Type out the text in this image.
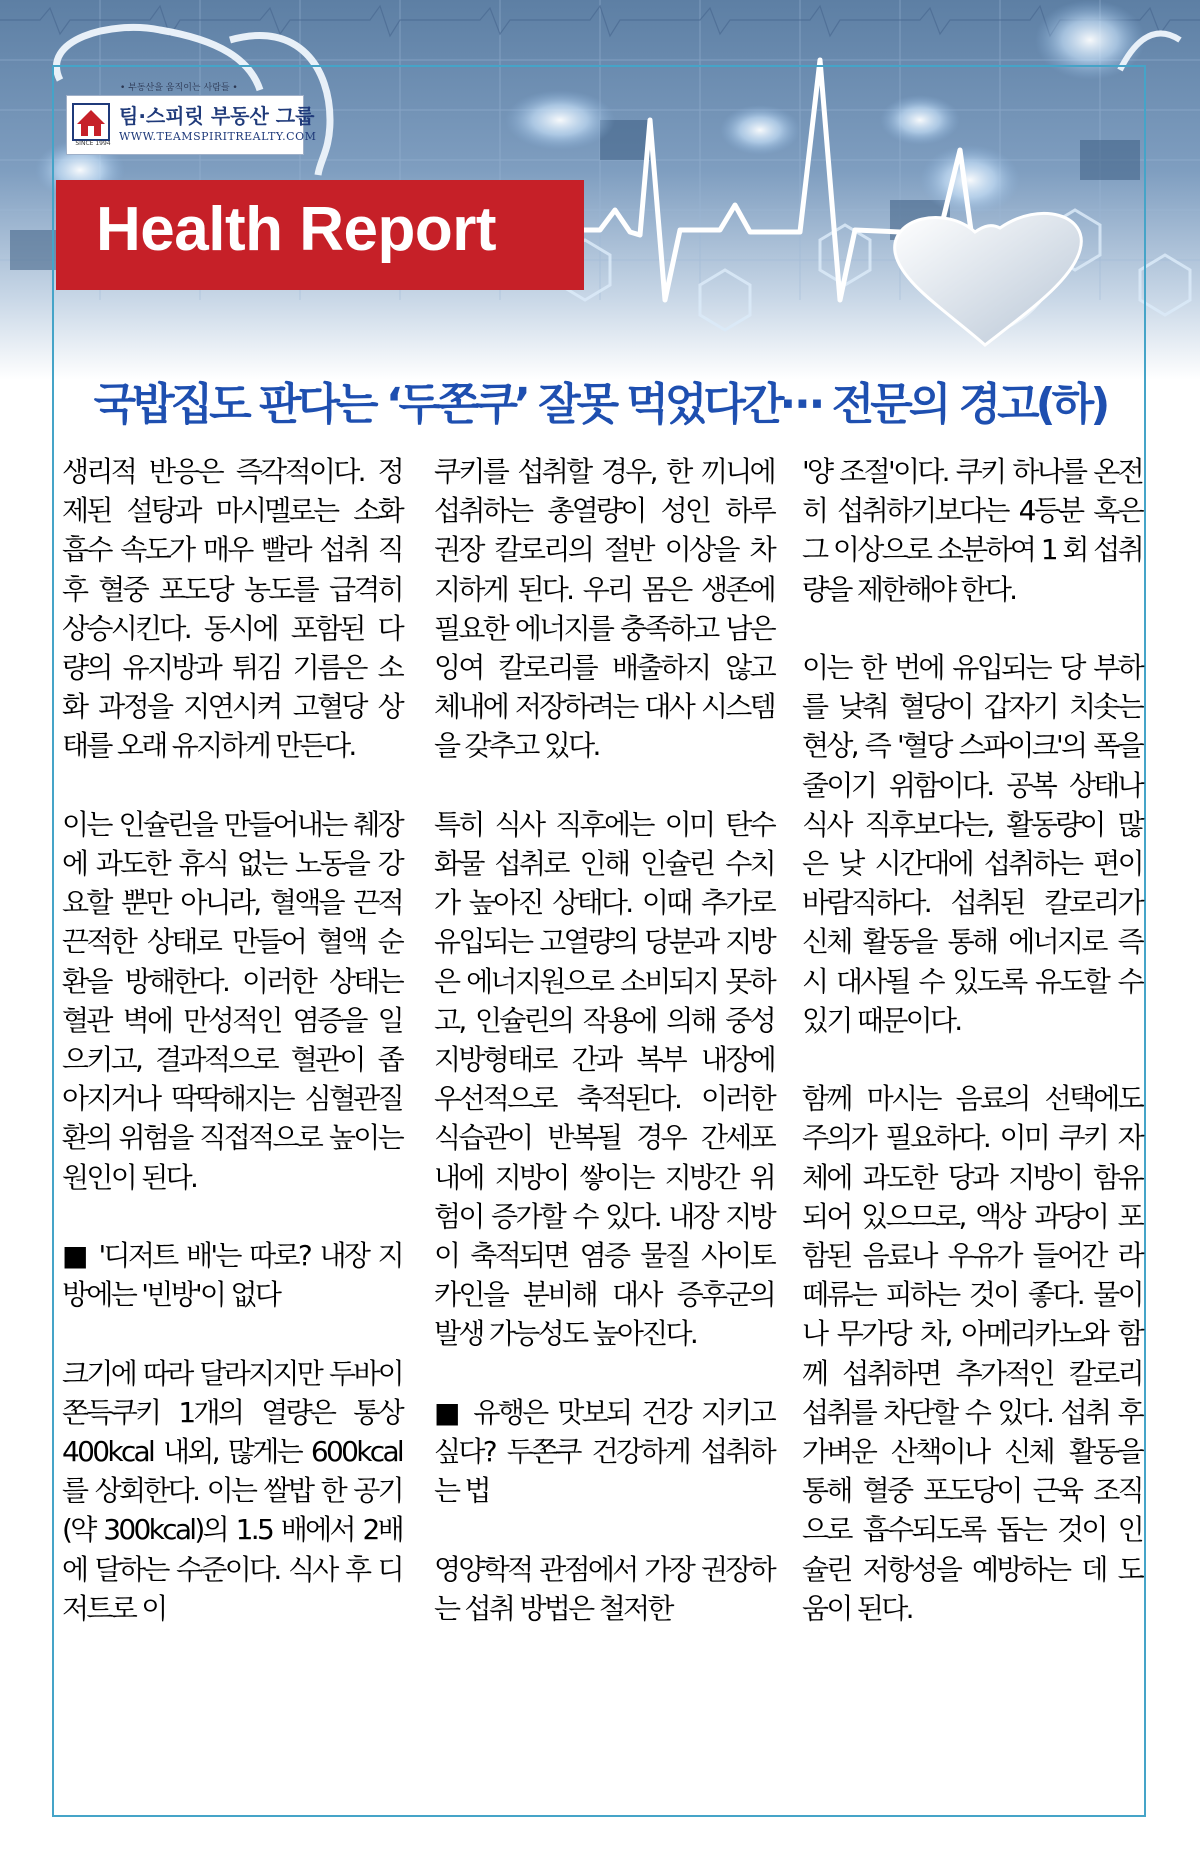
• 부동산을 움직이는 사람들 •
SINCE 1994
팀·스피릿 부동산 그룹
WWW.TEAMSPIRITREALTY.COM
Health Report
국밥집도 판다는 ‘두쫀쿠’ 잘못 먹었다간⋯ 전문의 경고(하)

생리적 반응은 즉각적이다. 정제된 설탕과 마시멜로는 소화 흡수 속도가 매우 빨라 섭취 직후 혈중 포도당 농도를 급격히 상승시킨다. 동시에 포함된 다량의 유지방과 튀김 기름은 소화 과정을 지연시켜 고혈당 상태를 오래 유지하게 만든다.

이는 인슐린을 만들어내는 췌장에 과도한 휴식 없는 노동을 강요할 뿐만 아니라, 혈액을 끈적끈적한 상태로 만들어 혈액 순환을 방해한다. 이러한 상태는 혈관 벽에 만성적인 염증을 일으키고, 결과적으로 혈관이 좁아지거나 딱딱해지는 심혈관질환의 위험을 직접적으로 높이는 원인이 된다.

■ '디저트 배'는 따로? 내장 지방에는 '빈방'이 없다

크기에 따라 달라지지만 두바이 쫀득쿠키 1개의 열량은 통상 400kcal 내외, 많게는 600kcal를 상회한다. 이는 쌀밥 한 공기(약 300kcal)의 1.5 배에서 2배에 달하는 수준이다. 식사 후 디저트로 이

쿠키를 섭취할 경우, 한 끼니에 섭취하는 총열량이 성인 하루 권장 칼로리의 절반 이상을 차지하게 된다. 우리 몸은 생존에 필요한 에너지를 충족하고 남은 잉여 칼로리를 배출하지 않고 체내에 저장하려는 대사 시스템을 갖추고 있다.

특히 식사 직후에는 이미 탄수화물 섭취로 인해 인슐린 수치가 높아진 상태다. 이때 추가로 유입되는 고열량의 당분과 지방은 에너지원으로 소비되지 못하고, 인슐린의 작용에 의해 중성지방형태로 간과 복부 내장에 우선적으로 축적된다. 이러한 식습관이 반복될 경우 간세포 내에 지방이 쌓이는 지방간 위험이 증가할 수 있다. 내장 지방이 축적되면 염증 물질 사이토카인을 분비해 대사 증후군의 발생 가능성도 높아진다.

■ 유행은 맛보되 건강 지키고 싶다? 두쫀쿠 건강하게 섭취하는 법

영양학적 관점에서 가장 권장하는 섭취 방법은 철저한

'양 조절'이다. 쿠키 하나를 온전히 섭취하기보다는 4등분 혹은 그 이상으로 소분하여 1 회 섭취량을 제한해야 한다.

이는 한 번에 유입되는 당 부하를 낮춰 혈당이 갑자기 치솟는 현상, 즉 '혈당 스파이크'의 폭을 줄이기 위함이다. 공복 상태나 식사 직후보다는, 활동량이 많은 낮 시간대에 섭취하는 편이 바람직하다. 섭취된 칼로리가 신체 활동을 통해 에너지로 즉시 대사될 수 있도록 유도할 수 있기 때문이다.

함께 마시는 음료의 선택에도 주의가 필요하다. 이미 쿠키 자체에 과도한 당과 지방이 함유되어 있으므로, 액상 과당이 포함된 음료나 우유가 들어간 라떼류는 피하는 것이 좋다. 물이나 무가당 차, 아메리카노와 함께 섭취하면 추가적인 칼로리 섭취를 차단할 수 있다. 섭취 후 가벼운 산책이나 신체 활동을 통해 혈중 포도당이 근육 조직으로 흡수되도록 돕는 것이 인슐린 저항성을 예방하는 데 도움이 된다.
